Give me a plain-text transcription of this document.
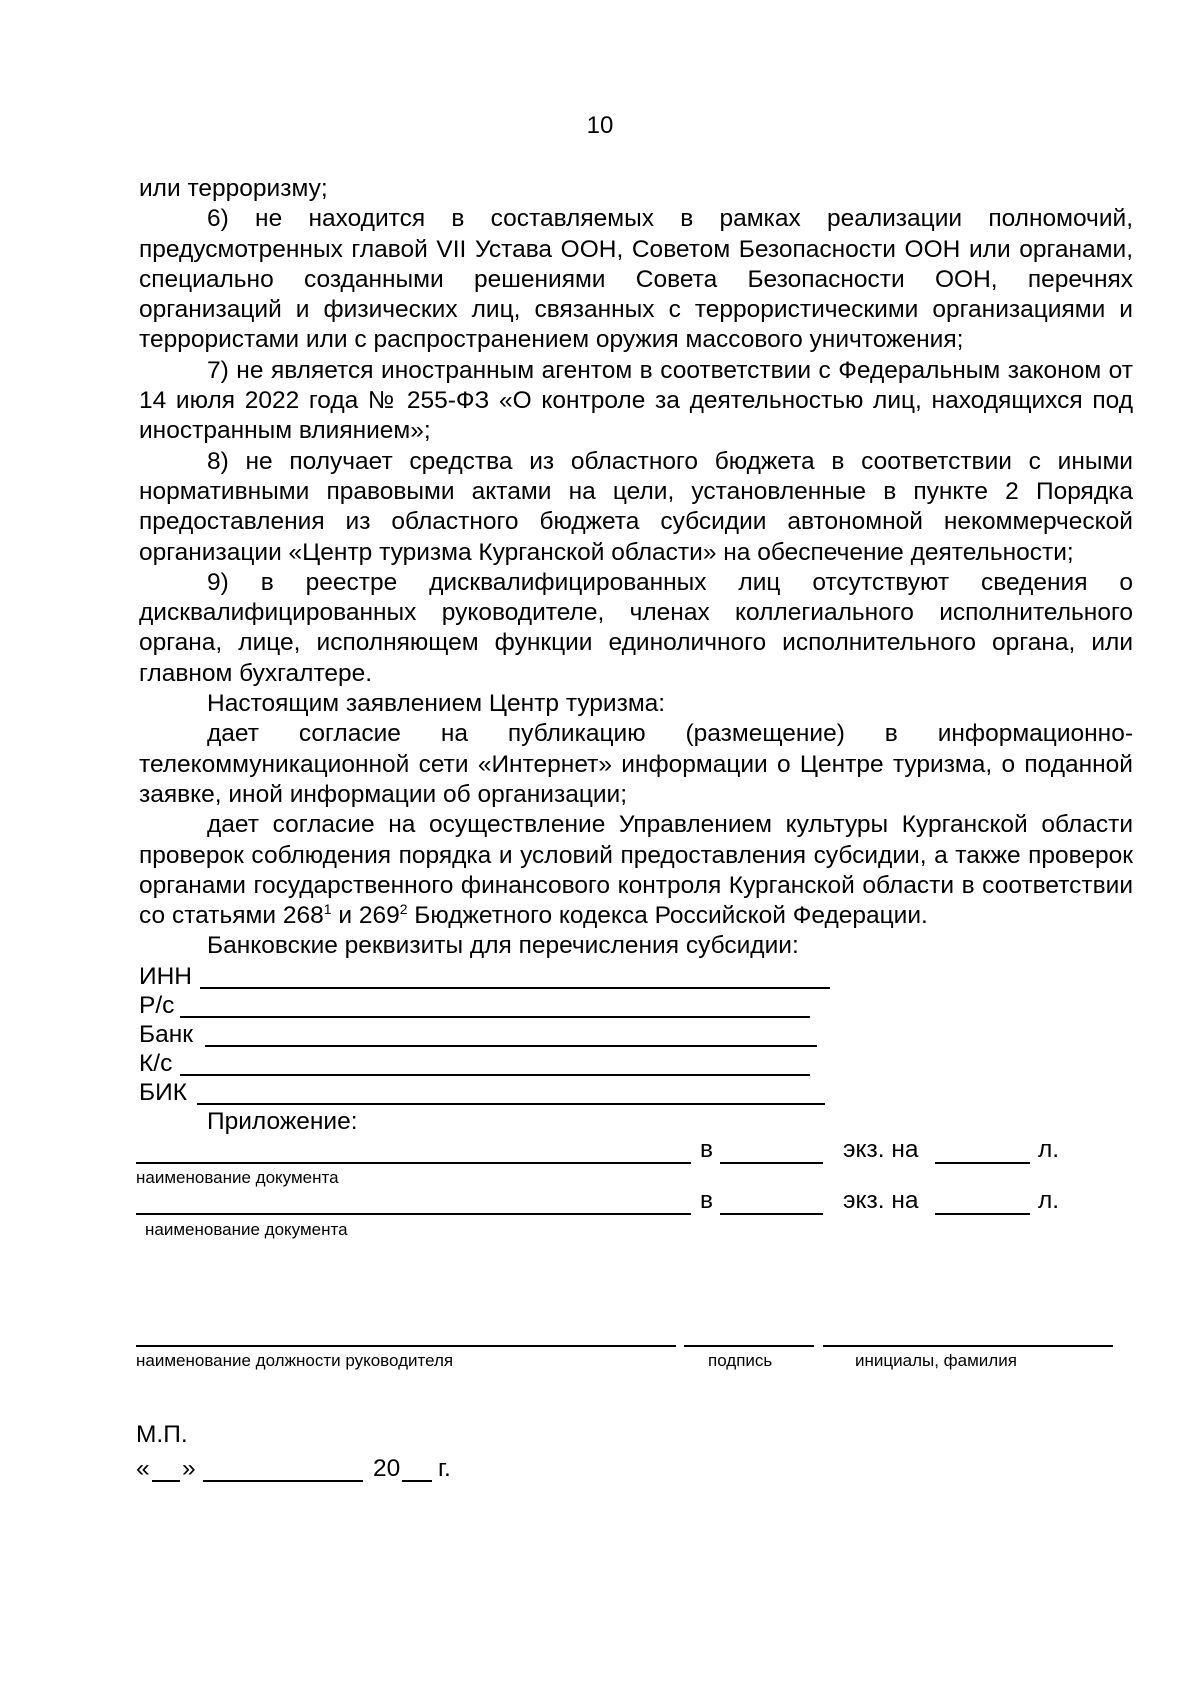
10

или терроризму;

6) не находится в составляемых в рамках реализации полномочий, предусмотренных главой VII Устава ООН, Советом Безопасности ООН или органами, специально созданными решениями Совета Безопасности ООН, перечнях организаций и физических лиц, связанных с террористическими организациями и террористами или с распространением оружия массового уничтожения;

7) не является иностранным агентом в соответствии с Федеральным законом от 14 июля 2022 года № 255-ФЗ «О контроле за деятельностью лиц, находящихся под иностранным влиянием»;

8) не получает средства из областного бюджета в соответствии с иными нормативными правовыми актами на цели, установленные в пункте 2 Порядка предоставления из областного бюджета субсидии автономной некоммерческой организации «Центр туризма Курганской области» на обеспечение деятельности;

9) в реестре дисквалифицированных лиц отсутствуют сведения о дисквалифицированных руководителе, членах коллегиального исполнительного органа, лице, исполняющем функции единоличного исполнительного органа, или главном бухгалтере.

Настоящим заявлением Центр туризма:

дает согласие на публикацию (размещение) в информационно-телекоммуникационной сети «Интернет» информации о Центре туризма, о поданной заявке, иной информации об организации;

дает согласие на осуществление Управлением культуры Курганской области проверок соблюдения порядка и условий предоставления субсидии, а также проверок органами государственного финансового контроля Курганской области в соответствии со статьями $268^1$ и $269^2$ Бюджетного кодекса Российской Федерации.

Банковские реквизиты для перечисления субсидии:

ИНН
Р/с
Банк
К/с
БИК
Приложение:
в	экз. на	л.
наименование документа
в	экз. на	л.
наименование документа
наименование должности руководителя	подпись	инициалы, фамилия
М.П.
« »	20 г.
